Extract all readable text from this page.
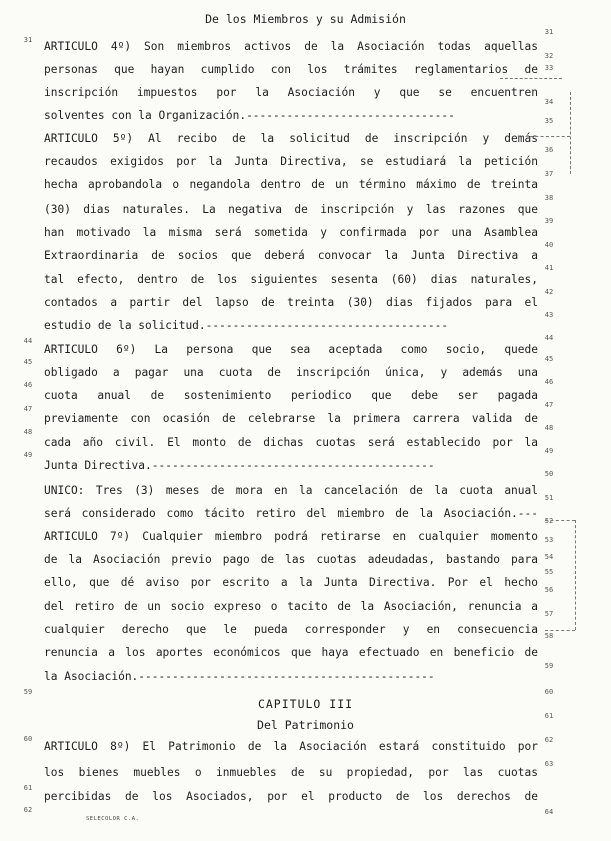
De los Miembros y su Admisión
ARTICULO 4º) Son miembros activos de la Asociación todas aquellas
personas que hayan cumplido con los trámites reglamentarios de
inscripción impuestos por la Asociación y que se encuentren
solventes con la Organización.-------------------------------
ARTICULO 5º) Al recibo de la solicitud de inscripción y demás
recaudos exigidos por la Junta Directiva, se estudiará la petición
hecha aprobandola o negandola dentro de un término máximo de treinta
(30) dias naturales. La negativa de inscripción y las razones que
han motivado la misma será sometida y confirmada por una Asamblea
Extraordinaria de socios que deberá convocar la Junta Directiva a
tal efecto, dentro de los siguientes sesenta (60) dias naturales,
contados a partir del lapso de treinta (30) dias fijados para el
estudio de la solicitud.------------------------------------
ARTICULO 6º) La persona que sea aceptada como socio, quede
obligado a pagar una cuota de inscripción única, y además una
cuota anual de sostenimiento periodico que debe ser pagada
previamente con ocasión de celebrarse la primera carrera valida de
cada año civil. El monto de dichas cuotas será establecido por la
Junta Directiva.------------------------------------------
UNICO: Tres (3) meses de mora en la cancelación de la cuota anual
será considerado como tácito retiro del miembro de la Asociación.---
ARTICULO 7º) Cualquier miembro podrá retirarse en cualquier momento
de la Asociación previo pago de las cuotas adeudadas, bastando para
ello, que dé aviso por escrito a la Junta Directiva. Por el hecho
del retiro de un socio expreso o tacito de la Asociación, renuncia a
cualquier derecho que le pueda corresponder y en consecuencia
renuncia a los aportes económicos que haya efectuado en beneficio de
la Asociación.--------------------------------------------
CAPITULO III
Del Patrimonio
ARTICULO 8º) El Patrimonio de la Asociación estará constituido por
los bienes muebles o inmuebles de su propiedad, por las cuotas
percibidas de los Asociados, por el producto de los derechos de
31
32
33
34
35
36
37
38
39
40
41
42
43
44
45
46
47
48
49
50
51
52
53
54
55
56
57
58
59
60
61
62
63
64
31
44
45
46
47
48
49
59
60
61
62
SELECOLOR C.A.
